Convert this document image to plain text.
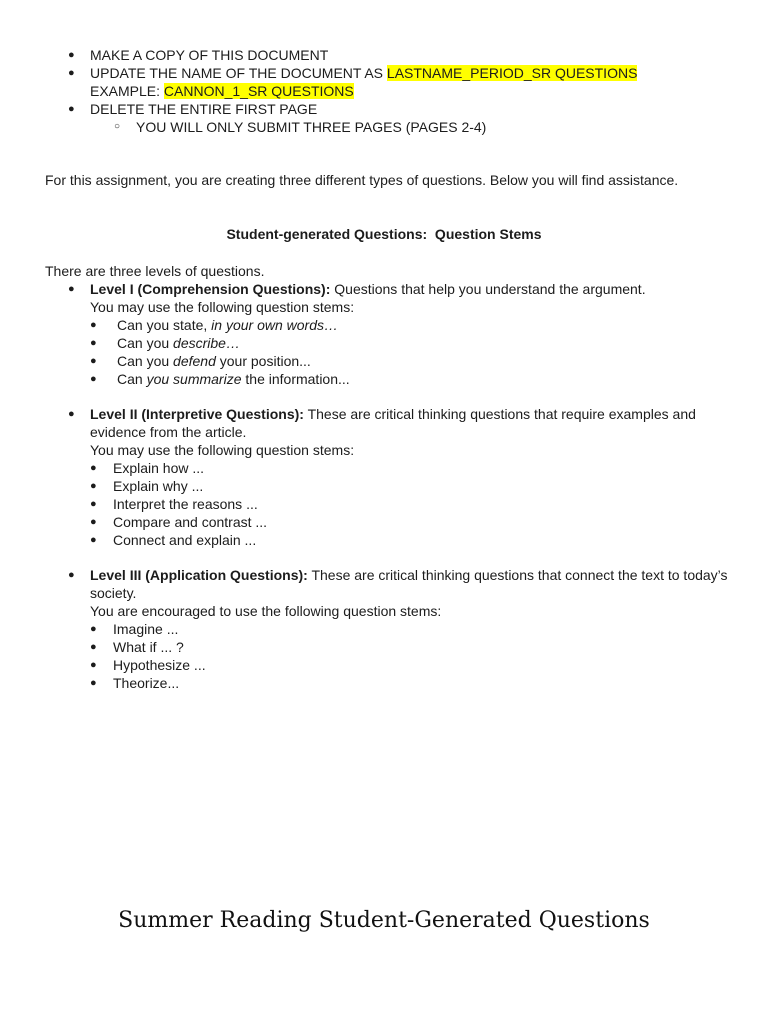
● MAKE A COPY OF THIS DOCUMENT
● UPDATE THE NAME OF THE DOCUMENT AS LASTNAME_PERIOD_SR QUESTIONS
EXAMPLE: CANNON_1_SR QUESTIONS
● DELETE THE ENTIRE FIRST PAGE
○ YOU WILL ONLY SUBMIT THREE PAGES (PAGES 2-4)
For this assignment, you are creating three different types of questions. Below you will find assistance.
Student-generated Questions:  Question Stems
There are three levels of questions.
●	Level I (Comprehension Questions): Questions that help you understand the argument.
You may use the following question stems:
● Can you state, in your own words…
● Can you describe…
● Can you defend your position...
● Can you summarize the information...
●	Level II (Interpretive Questions): These are critical thinking questions that require examples and evidence from the article.
You may use the following question stems:
● Explain how ...
● Explain why ...
● Interpret the reasons ...
● Compare and contrast ...
● Connect and explain ...
●	Level III (Application Questions): These are critical thinking questions that connect the text to today’s society.
You are encouraged to use the following question stems:
● Imagine ...
● What if ... ?
● Hypothesize ...
● Theorize...
Summer Reading Student-Generated Questions
